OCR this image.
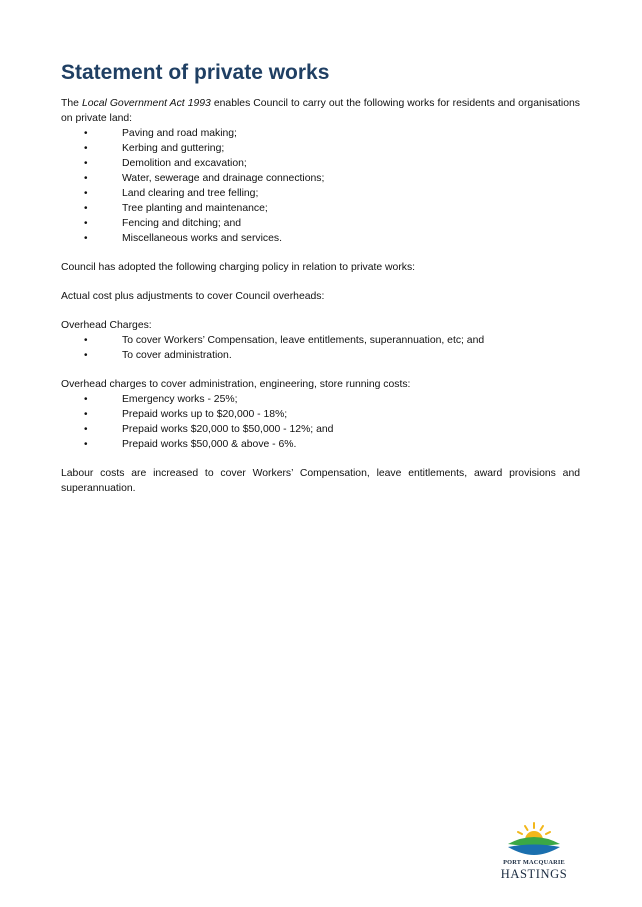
Statement of private works

The Local Government Act 1993 enables Council to carry out the following works for residents and organisations on private land:

•	Paving and road making;
•	Kerbing and guttering;
•	Demolition and excavation;
•	Water, sewerage and drainage connections;
•	Land clearing and tree felling;
•	Tree planting and maintenance;
•	Fencing and ditching; and
•	Miscellaneous works and services.

Council has adopted the following charging policy in relation to private works:

Actual cost plus adjustments to cover Council overheads:

Overhead Charges:

•	To cover Workers’ Compensation, leave entitlements, superannuation, etc; and
•	To cover administration.

Overhead charges to cover administration, engineering, store running costs:

•	Emergency works - 25%;
•	Prepaid works up to $20,000 - 18%;
•	Prepaid works $20,000 to $50,000 - 12%; and
•	Prepaid works $50,000 & above - 6%.

Labour costs are increased to cover Workers’ Compensation, leave entitlements, award provisions and superannuation.

PORT MACQUARIE
HASTINGS
